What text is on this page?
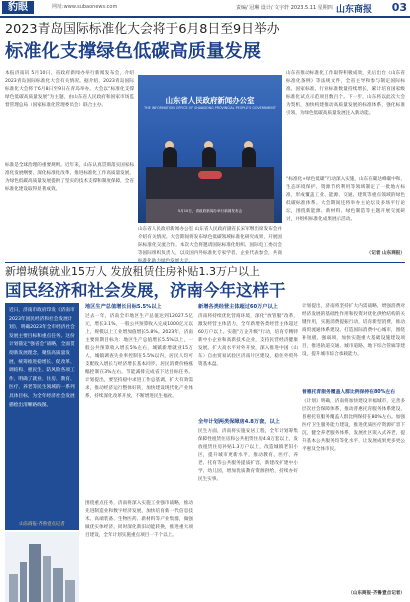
豹眼	网址:www.subaonews.com	责编/ 冠琳 设计/ 文宇轩 2023.5.11 星期四 山东商报 03
2023青岛国际标准化大会将于6月8日至9日举办
标准化支撑绿色低碳高质量发展
本报济南讯 5月10日，省政府新闻办举行新闻发布会，介绍2023青岛国际标准化大会有关情况。据介绍，2023青岛国际标准化大会将于6月8日至9日在青岛举办。大会以“标准化支撑绿色低碳高质量发展”为主题，由山东省人民政府和国家市场监督管理总局（国家标准化管理委员会）联合主办。
标准是全球治理的重要规则。近年来，山东认真贯彻落实国家标准化发展纲要，深化标准化改革，推进标准化工作高质量发展，为绿色低碳高质量发展提供了坚实的技术支撑和制度保障，全省标准化建设取得显著成效。
山东省人民政府新闻办公室
THE INFORMATION OFFICE OF SHANDONG PROVINCIAL PEOPLE'S GOVERNMENT
5月10日，省政府新闻办举行新闻发布会
山东省人民政府新闻办公室 山东省人民政府副省长宋军继出席发布会并介绍有关情况。大会期间将发布绿色低碳领域标准化研究成果，开展国际标准化交流合作。本次大会将邀请国际标准化组织、国际电工委员会等国际组织负责人，以及国内外标准化专家学者、企业代表参会，共商
山东省推动标准化工作取得积极成效，先后出台《山东省标准化条例》等法规文件，全省主导和参与制定国际标准、国家标准、行业标准数量持续增长，累计培育国家级标准化试点示范项目数百个。下一步，山东将以此次大会为契机，加快构建推动高质量发展的标准体系，强化标准引领，为绿色低碳高质量发展注入新动能。
“标准化+绿色低碳”行动深入实施，山东在碳达峰碳中和、生态环境保护、资源节约利用等领域制定了一批地方标准，形成覆盖工业、能源、交通、建筑等重点领域的绿色低碳标准体系。大会期间还将举办主论坛及多场平行论坛，围绕新能源、新材料、绿色制造等主题开展交流研讨，并组织标准化成果展示活动。
（记者 山东商报）
新增城镇就业15万人 发放租赁住房补贴1.3万户以上
国民经济和社会发展，济南今年这样干
近日，济南市政府印发《济南市2023年国民经济和社会发展计划》，明确2023年全市经济社会发展主要目标和重点任务。这份计划锚定“强省会”战略，全面贯彻新发展理念，聚焦高质量发展，统筹推进稳增长、促改革、调结构、惠民生、防风险各项工作，明确了就业、住房、教育、医疗、养老等民生领域的一系列具体目标，为全年经济社会发展描绘出清晰路线图。
山东商报·齐鲁壹点记者
地区生产总值增长目标5.5%以上
过去一年，济南全市地区生产总值达到12027.5亿元，增长3.1%，一般公共预算收入完成1000亿元以上，规模以上工业增加值增长5.8%。2023年，济南主要预期目标为：地区生产总值增长5.5%以上，一般公共预算收入增长5%左右，城镇新增就业15万人，城镇调查失业率控制在5.5%以内，居民人均可支配收入增长与经济增长基本同步，居民消费价格涨幅控制在3%左右，节能减排完成省下达目标任务。计划提出，要坚持稳中求进工作总基调，扩大有效需求，推动经济运行整体好转，加快建设现代化产业体系，持续深化改革开放，不断增进民生福祉。
围绕重点任务，济南将深入实施工业强市战略，推动先进制造业和数字经济发展，加快培育新一代信息技术、高端装备、生物医药、新材料等产业集群，做强做优实体经济。同时深化新旧动能转换，推进重大项目建设，全年计划实施重点项目一千个以上。
新增各类经营主体超过60万户以上
济南将持续优化营商环境，深化“放管服”改革，激发经营主体活力，全年新增各类经营主体超过60万户以上。实施“万企升级”行动，培育专精特新中小企业和高新技术企业，支持民营经济健康发展。扩大高水平对外开放，深入推进中国（山东）自由贸易试验区济南片区建设，稳住外贸外资基本盘。
全年计划两类保障房4.8万套，以上
民生方面，济南将实施安居工程，全年计划筹集保障性租赁住房和公共租赁住房4.8万套以上，发放租赁住房补贴1.3万户以上，改造城镇老旧小区，提升城市更新水平，推动教育、医疗、养老、托育等公共服务提质扩容，新建改扩建中小学、幼儿园，增加优质教育资源供给，持续办好民生实事。
计划提出，济南将坚持扩大内需战略，增强消费对经济发展的基础性作用和投资对优化供给结构的关键作用，实施消费提振行动，培育新型消费，推动商贸流通体系建设，打造国际消费中心城市，围绕补短板、强弱项，加快实施重大基础设施建设项目，推进轨道交通、城市道路、地下综合管廊等建设，提升城市综合承载能力。
普惠托育服务覆盖人群比例保持在80%左右
《计划》明确，济南将加快建设幸福城市，完善多层次社会保障体系，推动普惠托育服务体系建设，普惠托育服务覆盖人群比例保持在80%左右。加强医疗卫生服务能力建设，推进优质医疗资源扩容下沉，健全养老服务体系，发展社区嵌入式养老，提升基本公共服务均等化水平，让发展成果更多更公平惠及全体市民。
（山东商报·齐鲁壹点记者）
